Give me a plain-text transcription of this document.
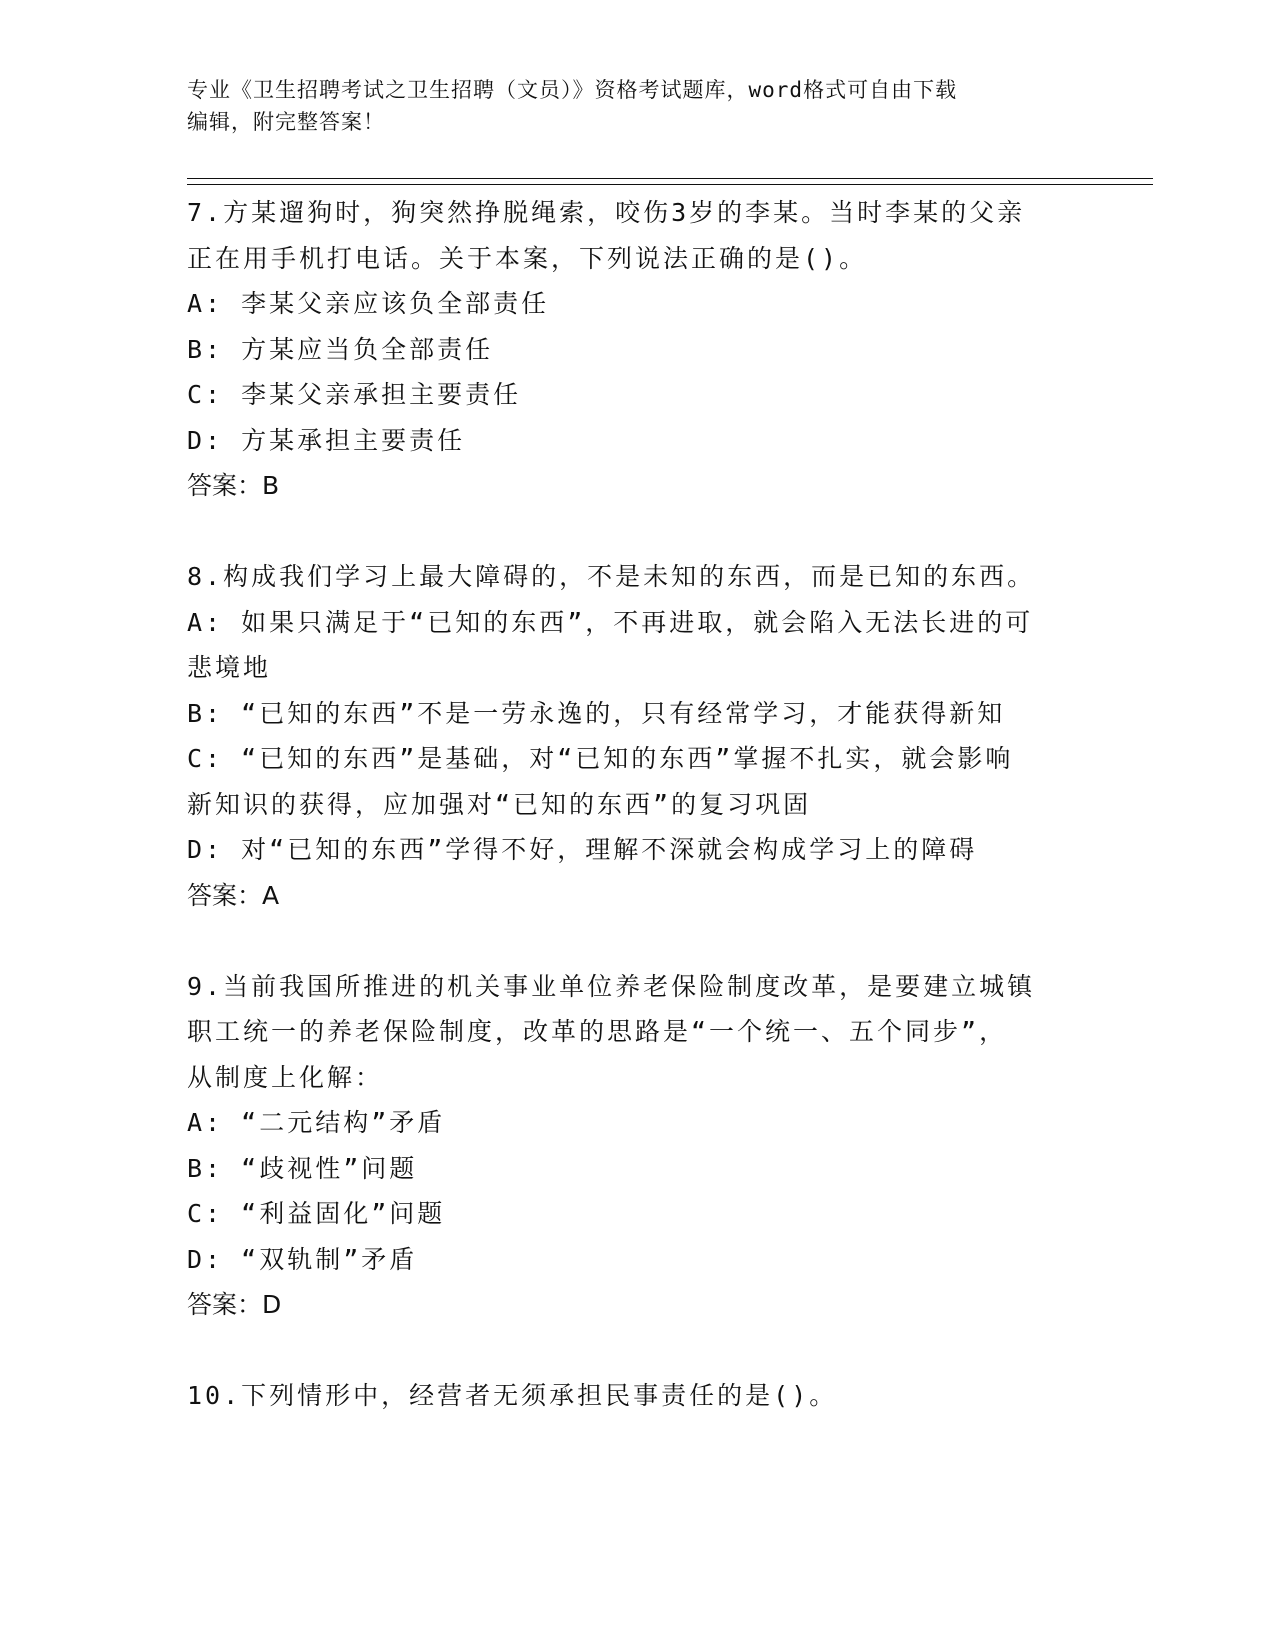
专业《卫生招聘考试之卫生招聘（文员）》资格考试题库，word格式可自由下载
编辑，附完整答案！
7.方某遛狗时，狗突然挣脱绳索，咬伤3岁的李某。当时李某的父亲
正在用手机打电话。关于本案，下列说法正确的是()。
A: 李某父亲应该负全部责任
B: 方某应当负全部责任
C: 李某父亲承担主要责任
D: 方某承担主要责任
答案：B
8.构成我们学习上最大障碍的，不是未知的东西，而是已知的东西。
A: 如果只满足于“已知的东西”，不再进取，就会陷入无法长进的可
悲境地
B: “已知的东西”不是一劳永逸的，只有经常学习，才能获得新知
C: “已知的东西”是基础，对“已知的东西”掌握不扎实，就会影响
新知识的获得，应加强对“已知的东西”的复习巩固
D: 对“已知的东西”学得不好，理解不深就会构成学习上的障碍
答案：A
9.当前我国所推进的机关事业单位养老保险制度改革，是要建立城镇
职工统一的养老保险制度，改革的思路是“一个统一、五个同步”，
从制度上化解：
A: “二元结构”矛盾
B: “歧视性”问题
C: “利益固化”问题
D: “双轨制”矛盾
答案：D
10.下列情形中，经营者无须承担民事责任的是()。
